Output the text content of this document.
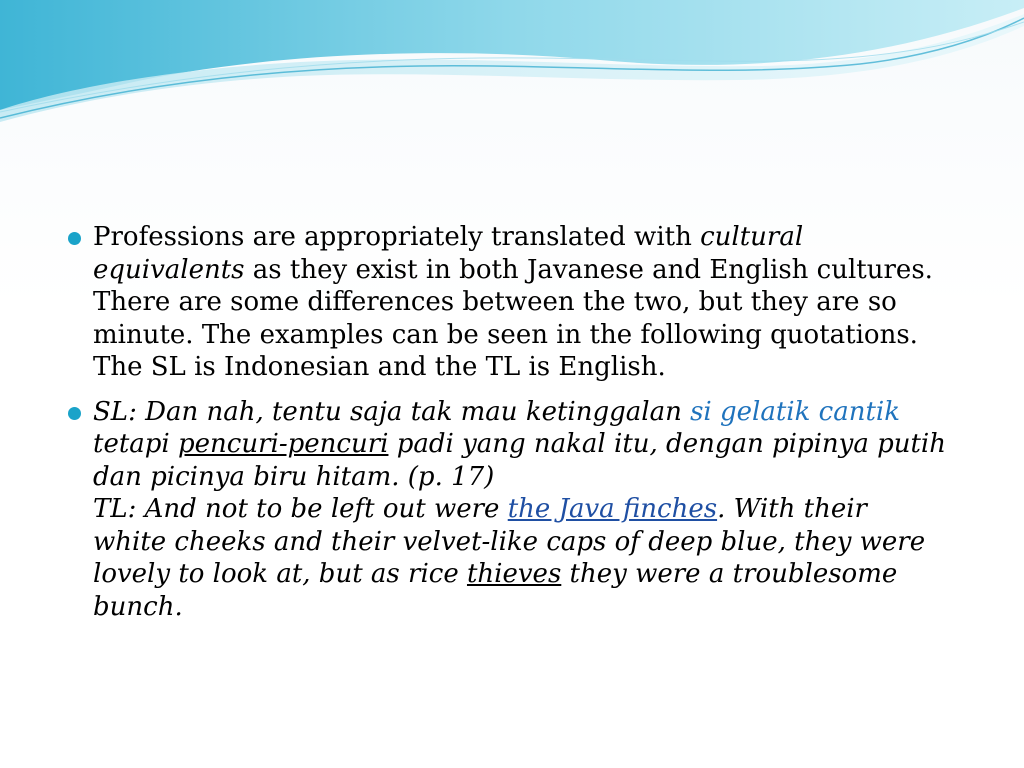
Professions are appropriately translated with cultural equivalents as they exist in both Javanese and English cultures. There are some differences between the two, but they are so minute. The examples can be seen in the following quotations. The SL is Indonesian and the TL is English.
SL: Dan nah, tentu saja tak mau ketinggalan si gelatik cantik tetapi pencuri-pencuri padi yang nakal itu, dengan pipinya putih dan picinya biru hitam. (p. 17)
TL: And not to be left out were the Java finches. With their white cheeks and their velvet-like caps of deep blue, they were lovely to look at, but as rice thieves they were a troublesome bunch.
